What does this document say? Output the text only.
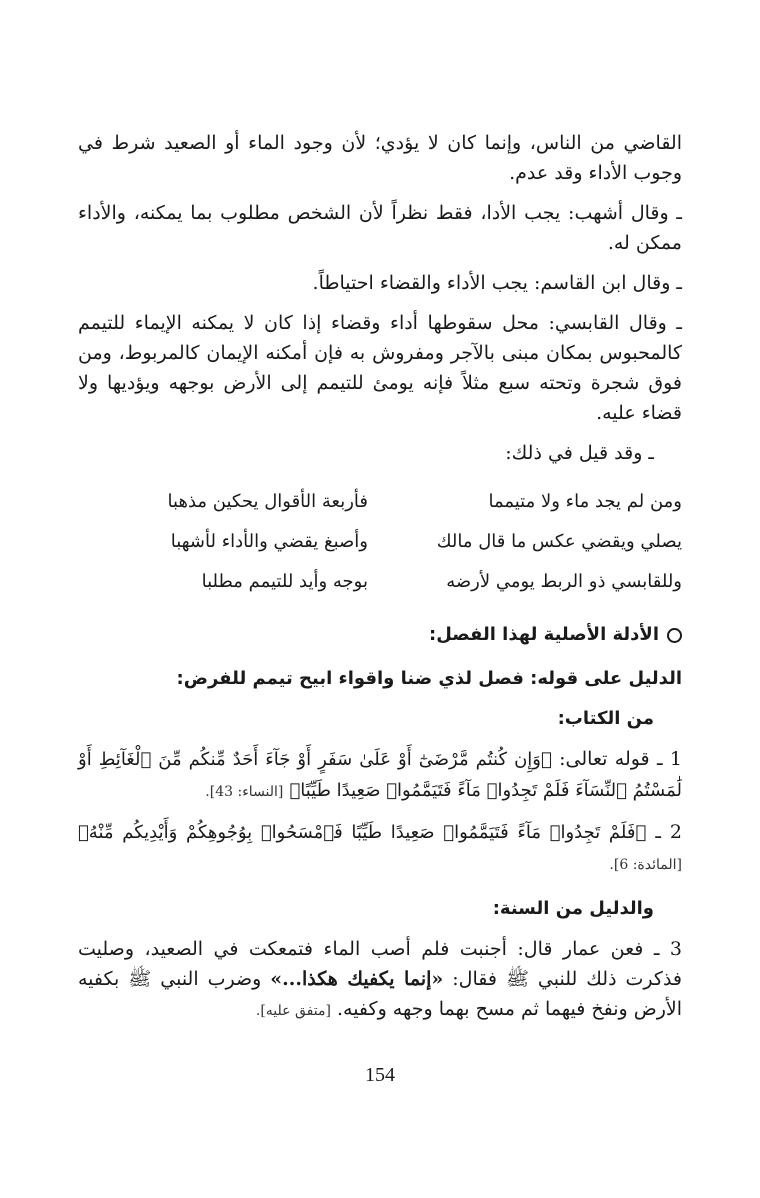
القاضي من الناس، وإنما كان لا يؤدي؛ لأن وجود الماء أو الصعيد شرط في وجوب الأداء وقد عدم.

ـ وقال أشهب: يجب الأدا، فقط نظراً لأن الشخص مطلوب بما يمكنه، والأداء ممكن له.

ـ وقال ابن القاسم: يجب الأداء والقضاء احتياطاً.

ـ وقال القابسي: محل سقوطها أداء وقضاء إذا كان لا يمكنه الإيماء للتيمم كالمحبوس بمكان مبنى بالآجر ومفروش به فإن أمكنه الإيمان كالمربوط، ومن فوق شجرة وتحته سبع مثلاً فإنه يومئ للتيمم إلى الأرض بوجهه ويؤديها ولا قضاء عليه.

ـ وقد قيل في ذلك:

ومن لم يجد ماء ولا متيمما
فأربعة الأقوال يحكين مذهبا
يصلي ويقضي عكس ما قال مالك
وأصبغ يقضي والأداء لأشهبا
وللقابسي ذو الربط يومي لأرضه
بوجه وأيد للتيمم مطلبا

الأدلة الأصلية لهذا الفصل:

الدليل على قوله: فصل لذي ضنا واقواء ابيح تيمم للفرض:

من الكتاب:

1 ـ قوله تعالى: ﴿وَإِن كُنتُم مَّرْضَىٰٓ أَوْ عَلَىٰ سَفَرٍ أَوْ جَآءَ أَحَدٌ مِّنكُم مِّنَ ٱلْغَآئِطِ أَوْ لَٰمَسْتُمُ ٱلنِّسَآءَ فَلَمْ تَجِدُوا۟ مَآءً فَتَيَمَّمُوا۟ صَعِيدًا طَيِّبًا﴾ [النساء: 43].

2 ـ ﴿فَلَمْ تَجِدُوا۟ مَآءً فَتَيَمَّمُوا۟ صَعِيدًا طَيِّبًا فَٱمْسَحُوا۟ بِوُجُوهِكُمْ وَأَيْدِيكُم مِّنْهُ﴾ [المائدة: 6].

والدليل من السنة:

3 ـ فعن عمار قال: أجنبت فلم أصب الماء فتمعكت في الصعيد، وصليت فذكرت ذلك للنبي ﷺ فقال: «إنما يكفيك هكذا...» وضرب النبي ﷺ بكفيه الأرض ونفخ فيهما ثم مسح بهما وجهه وكفيه. [متفق عليه].

154
